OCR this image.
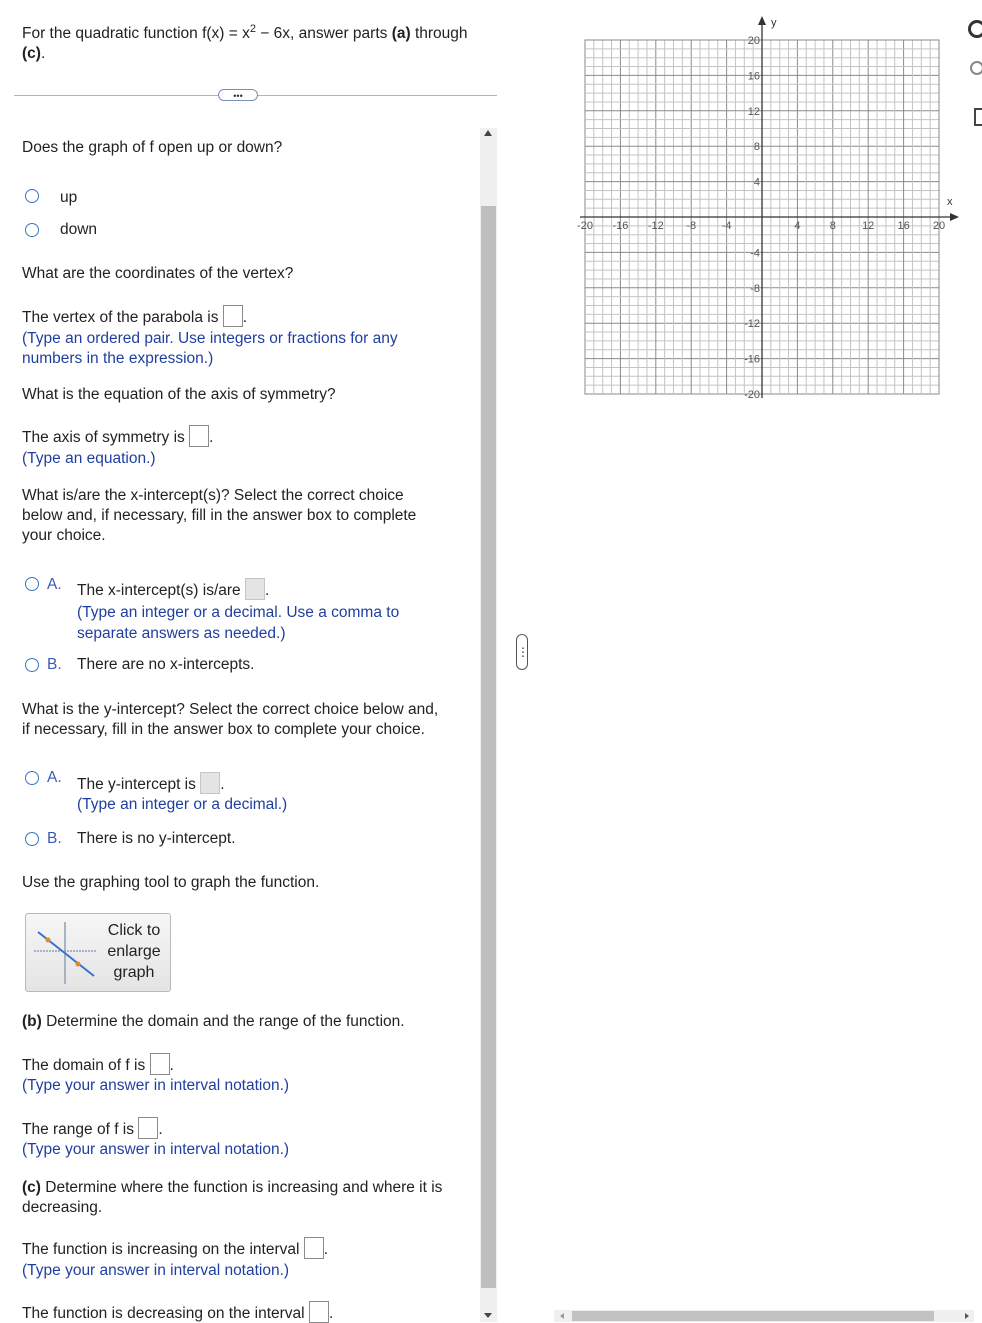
For the quadratic function $f(x) = x^2 - 6x$, answer parts (a) through
(c).
•••
Does the graph of f open up or down?
up
down
What are the coordinates of the vertex?
The vertex of the parabola is .
(Type an ordered pair. Use integers or fractions for any
numbers in the expression.)
What is the equation of the axis of symmetry?
The axis of symmetry is .
(Type an equation.)
What is/are the x-intercept(s)? Select the correct choice
below and, if necessary, fill in the answer box to complete
your choice.
A. The x-intercept(s) is/are .
(Type an integer or a decimal. Use a comma to
separate answers as needed.)
B. There are no x-intercepts.
What is the y-intercept? Select the correct choice below and,
if necessary, fill in the answer box to complete your choice.
A. The y-intercept is .
(Type an integer or a decimal.)
B. There is no y-intercept.
Use the graphing tool to graph the function.
Click to
enlarge
graph
(b) Determine the domain and the range of the function.
The domain of f is .
(Type your answer in interval notation.)
The range of f is .
(Type your answer in interval notation.)
(c) Determine where the function is increasing and where it is
decreasing.
The function is increasing on the interval .
(Type your answer in interval notation.)
The function is decreasing on the interval .
⋮
x
y
-20 -16 -12 -8 -4	4	8 12 16 20
20
16
12
8
4
-4
-8
-12
-16
-20
